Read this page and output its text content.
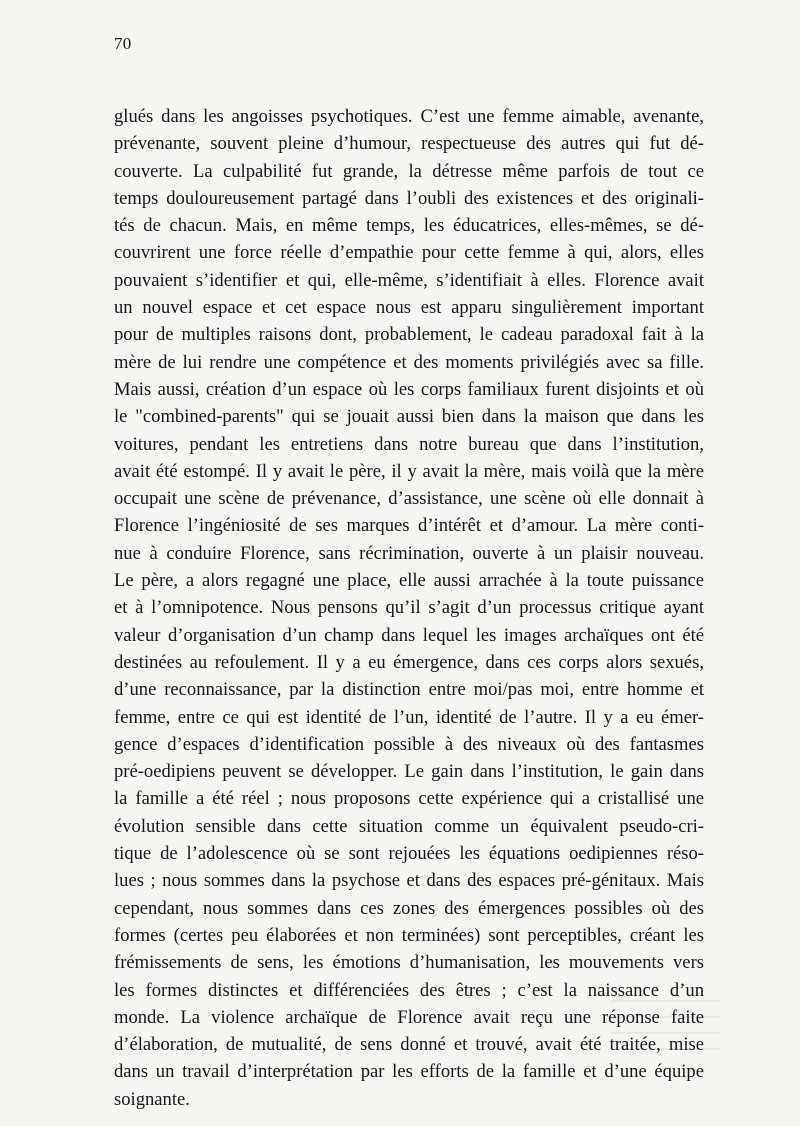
70
glués dans les angoisses psychotiques. C’est une femme aimable, avenante,
prévenante, souvent pleine d’humour, respectueuse des autres qui fut dé-
couverte. La culpabilité fut grande, la détresse même parfois de tout ce
temps douloureusement partagé dans l’oubli des existences et des originali-
tés de chacun. Mais, en même temps, les éducatrices, elles-mêmes, se dé-
couvrirent une force réelle d’empathie pour cette femme à qui, alors, elles
pouvaient s’identifier et qui, elle-même, s’identifiait à elles. Florence avait
un nouvel espace et cet espace nous est apparu singulièrement important
pour de multiples raisons dont, probablement, le cadeau paradoxal fait à la
mère de lui rendre une compétence et des moments privilégiés avec sa fille.
Mais aussi, création d’un espace où les corps familiaux furent disjoints et où
le "combined-parents" qui se jouait aussi bien dans la maison que dans les
voitures, pendant les entretiens dans notre bureau que dans l’institution,
avait été estompé. Il y avait le père, il y avait la mère, mais voilà que la mère
occupait une scène de prévenance, d’assistance, une scène où elle donnait à
Florence l’ingéniosité de ses marques d’intérêt et d’amour. La mère conti-
nue à conduire Florence, sans récrimination, ouverte à un plaisir nouveau.
Le père, a alors regagné une place, elle aussi arrachée à la toute puissance
et à l’omnipotence. Nous pensons qu’il s’agit d’un processus critique ayant
valeur d’organisation d’un champ dans lequel les images archaïques ont été
destinées au refoulement. Il y a eu émergence, dans ces corps alors sexués,
d’une reconnaissance, par la distinction entre moi/pas moi, entre homme et
femme, entre ce qui est identité de l’un, identité de l’autre. Il y a eu émer-
gence d’espaces d’identification possible à des niveaux où des fantasmes
pré-oedipiens peuvent se développer. Le gain dans l’institution, le gain dans
la famille a été réel ; nous proposons cette expérience qui a cristallisé une
évolution sensible dans cette situation comme un équivalent pseudo-cri-
tique de l’adolescence où se sont rejouées les équations oedipiennes réso-
lues ; nous sommes dans la psychose et dans des espaces pré-génitaux. Mais
cependant, nous sommes dans ces zones des émergences possibles où des
formes (certes peu élaborées et non terminées) sont perceptibles, créant les
frémissements de sens, les émotions d’humanisation, les mouvements vers
les formes distinctes et différenciées des êtres ; c’est la naissance d’un
monde. La violence archaïque de Florence avait reçu une réponse faite
d’élaboration, de mutualité, de sens donné et trouvé, avait été traitée, mise
dans un travail d’interprétation par les efforts de la famille et d’une équipe
soignante.
